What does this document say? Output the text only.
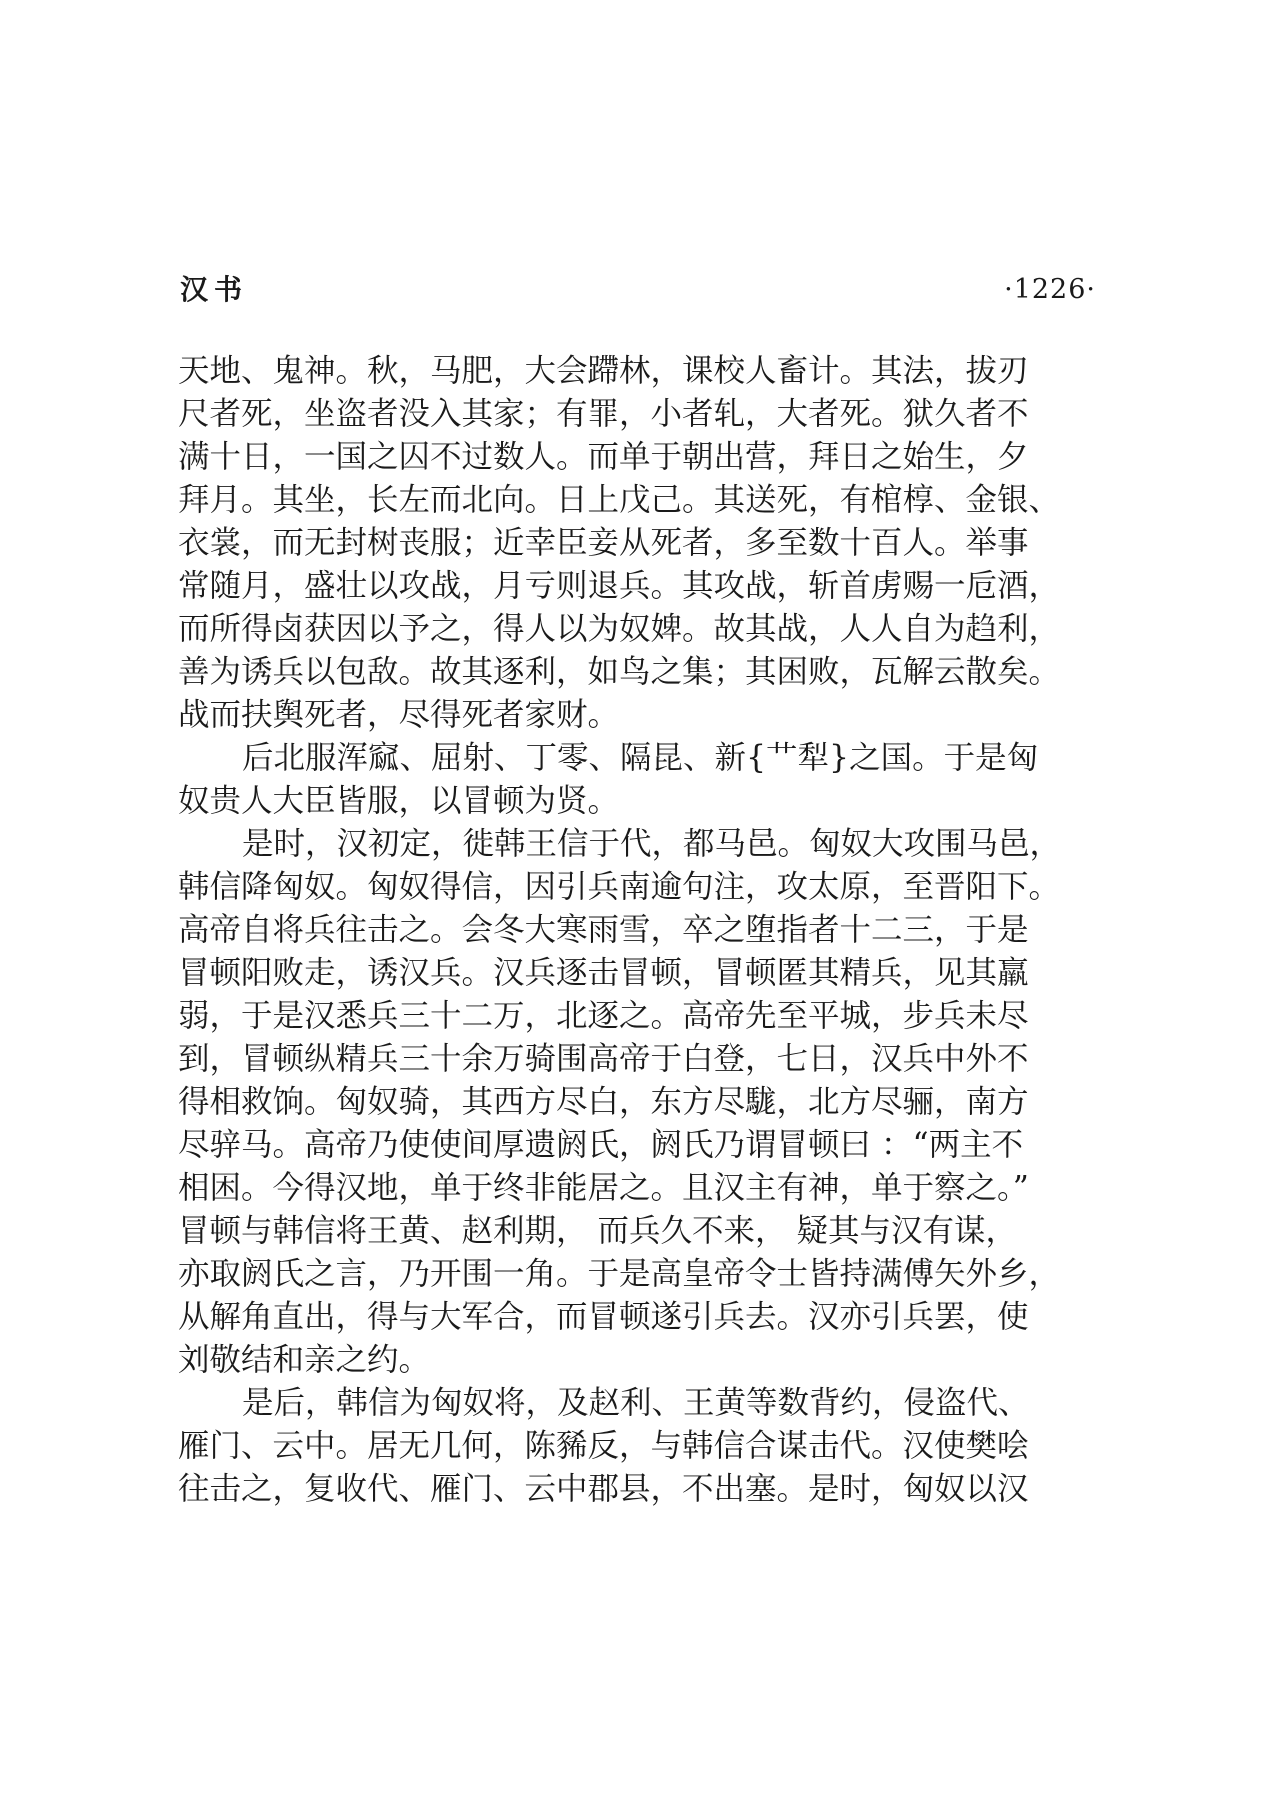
汉书	·1226·
天地、鬼神。秋，马肥，大会蹛林，课校人畜计。其法，拔刃
尺者死，坐盗者没入其家；有罪，小者轧，大者死。狱久者不
满十日，一国之囚不过数人。而单于朝出营，拜日之始生，夕
拜月。其坐，长左而北向。日上戊己。其送死，有棺椁、金银、
衣裳，而无封树丧服；近幸臣妾从死者，多至数十百人。举事
常随月，盛壮以攻战，月亏则退兵。其攻战，斩首虏赐一卮酒，
而所得卤获因以予之，得人以为奴婢。故其战，人人自为趋利，
善为诱兵以包敌。故其逐利，如鸟之集；其困败，瓦解云散矣。
战而扶舆死者，尽得死者家财。
后北服浑窳、屈射、丁零、隔昆、新{艹犁}之国。于是匈
奴贵人大臣皆服，以冒顿为贤。
是时，汉初定，徙韩王信于代，都马邑。匈奴大攻围马邑，
韩信降匈奴。匈奴得信，因引兵南逾句注，攻太原，至晋阳下。
高帝自将兵往击之。会冬大寒雨雪，卒之堕指者十二三，于是
冒顿阳败走，诱汉兵。汉兵逐击冒顿，冒顿匿其精兵，见其羸
弱，于是汉悉兵三十二万，北逐之。高帝先至平城，步兵未尽
到，冒顿纵精兵三十余万骑围高帝于白登，七日，汉兵中外不
得相救饷。匈奴骑，其西方尽白，东方尽駹，北方尽骊，南方
尽骍马。高帝乃使使间厚遗阏氏，阏氏乃谓冒顿曰 ：“两主不
相困。今得汉地，单于终非能居之。且汉主有神，单于察之。”
冒顿与韩信将王黄、赵利期， 而兵久不来， 疑其与汉有谋，
亦取阏氏之言，乃开围一角。于是高皇帝令士皆持满傅矢外乡，
从解角直出，得与大军合，而冒顿遂引兵去。汉亦引兵罢，使
刘敬结和亲之约。
是后，韩信为匈奴将，及赵利、王黄等数背约，侵盗代、
雁门、云中。居无几何，陈豨反，与韩信合谋击代。汉使樊哙
往击之，复收代、雁门、云中郡县，不出塞。是时，匈奴以汉
